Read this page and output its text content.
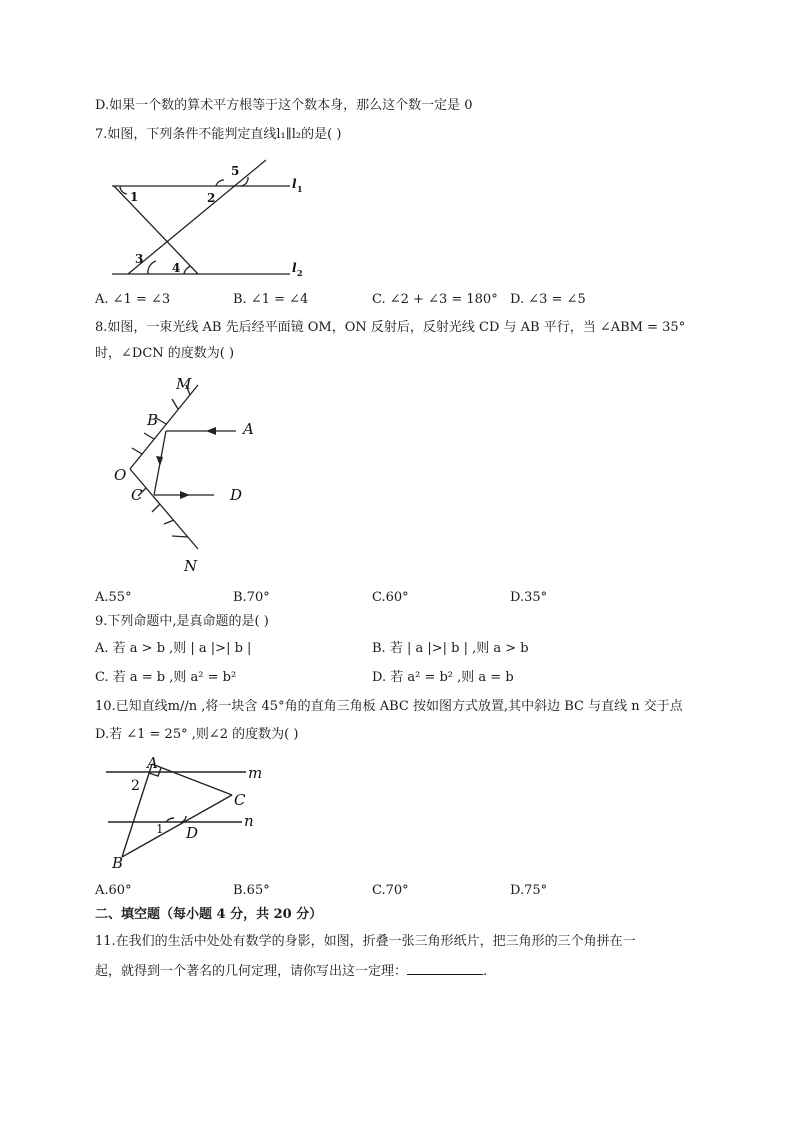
D.如果一个数的算术平方根等于这个数本身，那么这个数一定是 0
7.如图，下列条件不能判定直线l₁∥l₂的是( )
1	2
3
4
5
l 1
l 2
A. ∠1 = ∠3	B. ∠1 = ∠4	C. ∠2 + ∠3 = 180° D. ∠3 = ∠5
8.如图，一束光线 AB 先后经平面镜 OM，ON 反射后，反射光线 CD 与 AB 平行，当 ∠ABM = 35°
时，∠DCN 的度数为( )
M
B	A
O
C	D
N
A.55°	B.70°	C.60°	D.35°
9.下列命题中,是真命题的是( )
A. 若 a > b ,则 | a |>| b |	B. 若 | a |>| b | ,则 a > b
C. 若 a = b ,则 a² = b²	D. 若 a² = b² ,则 a = b
10.已知直线m//n ,将一块含 45°角的直角三角板 ABC 按如图方式放置,其中斜边 BC 与直线 n 交于点
D.若 ∠1 = 25° ,则∠2 的度数为( )
A
m
C
D
n
B
2
1
A.60°	B.65°	C.70°	D.75°
二、填空题（每小题 4 分，共 20 分）
11.在我们的生活中处处有数学的身影，如图，折叠一张三角形纸片，把三角形的三个角拼在一
起，就得到一个著名的几何定理，请你写出这一定理：	.
